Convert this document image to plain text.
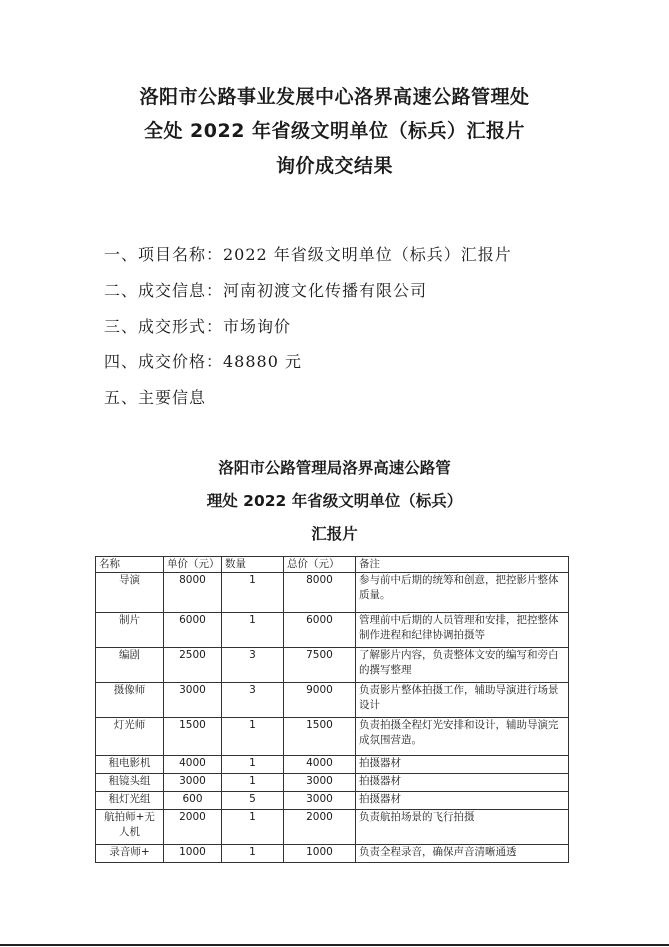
洛阳市公路事业发展中心洛界高速公路管理处
全处 2022 年省级文明单位（标兵）汇报片
询价成交结果
一、项目名称：2022 年省级文明单位（标兵）汇报片
二、成交信息：河南初渡文化传播有限公司
三、成交形式：市场询价
四、成交价格：48880 元
五、主要信息
洛阳市公路管理局洛界高速公路管
理处 2022 年省级文明单位（标兵）
汇报片
名称	单价（元）	数量	总价（元）	备注
导演	8000	1	8000	参与前中后期的统筹和创意，把控影片整体质量。
制片	6000	1	6000	管理前中后期的人员管理和安排，把控整体制作进程和纪律协调拍摄等
编剧	2500	3	7500	了解影片内容，负责整体文安的编写和旁白的撰写整理
摄像师	3000	3	9000	负责影片整体拍摄工作，辅助导演进行场景设计
灯光师	1500	1	1500	负责拍摄全程灯光安排和设计，辅助导演完成氛围营造。
租电影机	4000	1	4000	拍摄器材
租镜头组	3000	1	3000	拍摄器材
租灯光组	600	5	3000	拍摄器材
航拍师+无人机	2000	1	2000	负责航拍场景的飞行拍摄
录音师+	1000	1	1000	负责全程录音，确保声音清晰通透
